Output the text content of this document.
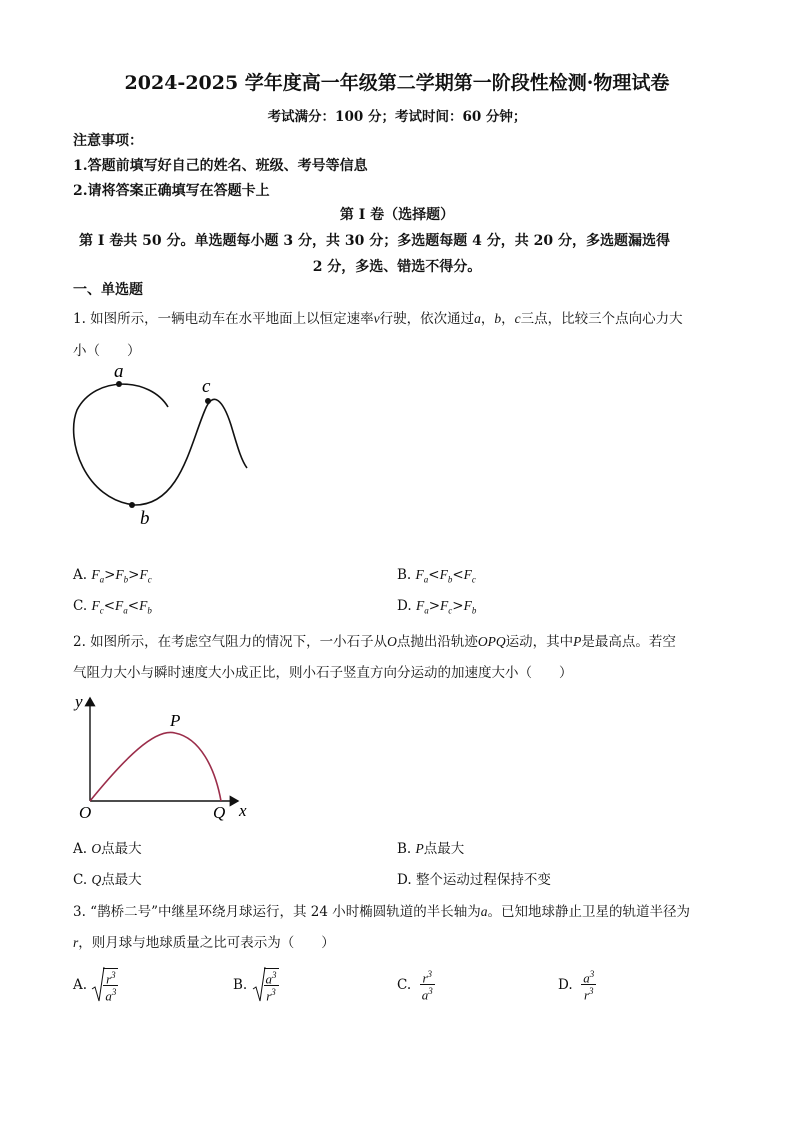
2024-2025 学年度高一年级第二学期第一阶段性检测·物理试卷
考试满分：100 分；考试时间：60 分钟；
注意事项：
1.答题前填写好自己的姓名、班级、考号等信息
2.请将答案正确填写在答题卡上
第 I 卷（选择题）
第 I 卷共 50 分。单选题每小题 3 分，共 30 分；多选题每题 4 分，共 20 分，多选题漏选得
2 分，多选、错选不得分。
一、单选题
1. 如图所示，一辆电动车在水平地面上以恒定速率v行驶，依次通过a，b，c三点，比较三个点向心力大
小（　　）
a
c
b
A. $F_a>F_b>F_c$	B. $F_a<F_b<F_c$
C. $F_c<F_a<F_b$	D. $F_a>F_c>F_b$
2. 如图所示，在考虑空气阻力的情况下，一小石子从O点抛出沿轨迹OPQ运动，其中P是最高点。若空
气阻力大小与瞬时速度大小成正比，则小石子竖直方向分运动的加速度大小（　　）
y
x
O
P
Q
A. O点最大	B. P点最大
C. Q点最大	D. 整个运动过程保持不变
3. “鹊桥二号”中继星环绕月球运行，其 24 小时椭圆轨道的半长轴为a。已知地球静止卫星的轨道半径为
r，则月球与地球质量之比可表示为（　　）
A. $\frac{r^3}{a^3}$	B. $\frac{a^3}{r^3}$	C. $\frac{r^3}{a^3}$	D. $\frac{a^3}{r^3}$
